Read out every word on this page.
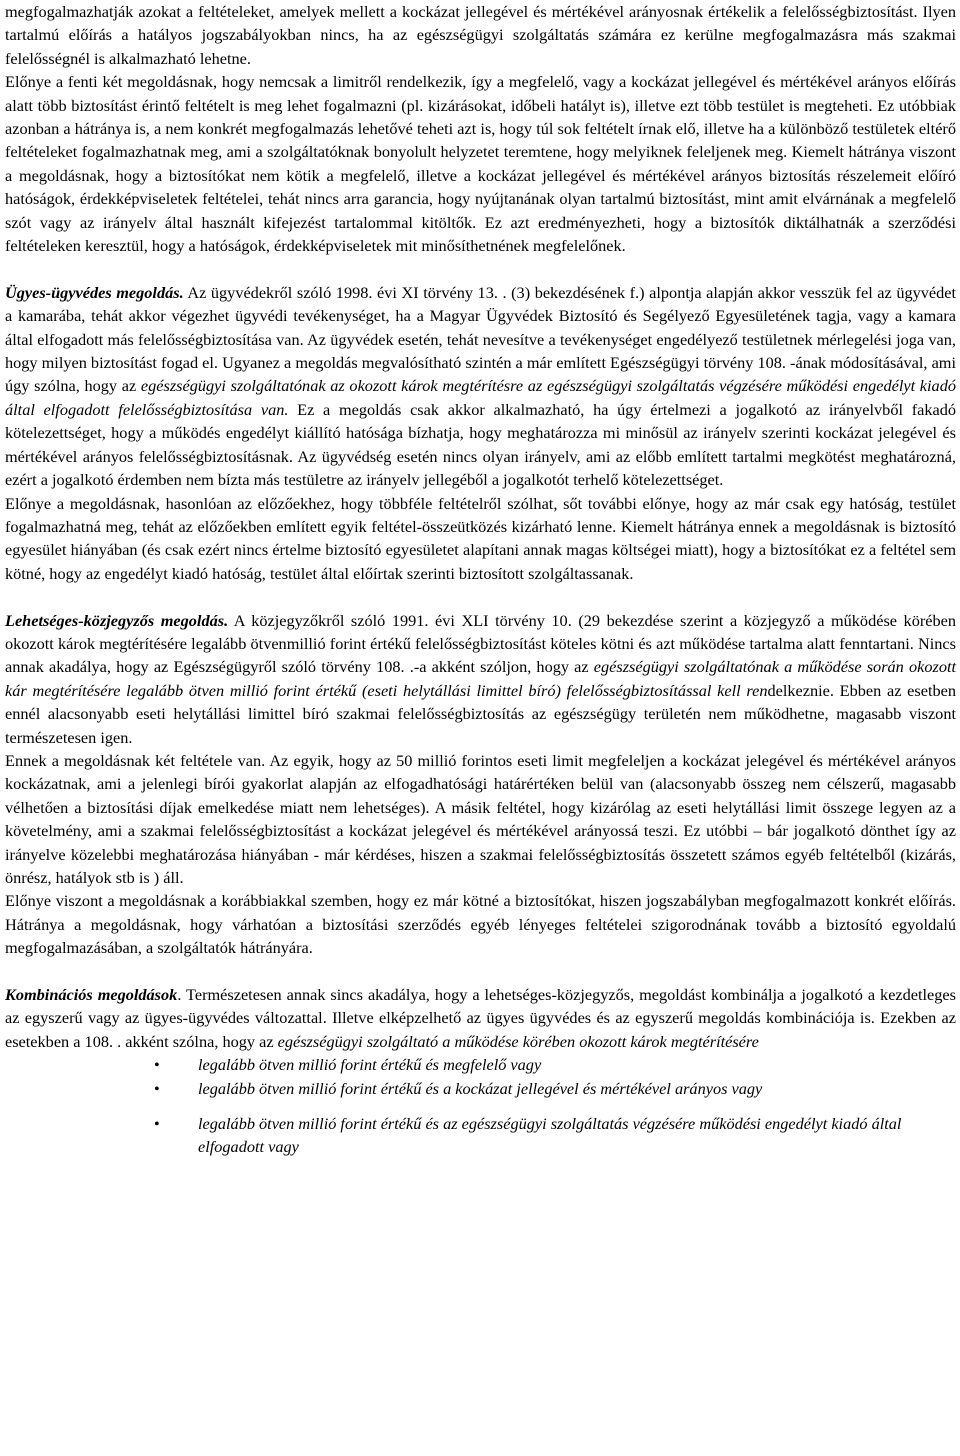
megfogalmazhatják azokat a feltételeket, amelyek mellett a kockázat jellegével és mértékével arányosnak értékelik a felelősségbiztosítást. Ilyen tartalmú előírás a hatályos jogszabályokban nincs, ha az egészségügyi szolgáltatás számára ez kerülne megfogalmazásra más szakmai felelősségnél is alkalmazható lehetne.

Előnye a fenti két megoldásnak, hogy nemcsak a limitről rendelkezik, így a megfelelő, vagy a kockázat jellegével és mértékével arányos előírás alatt több biztosítást érintő feltételt is meg lehet fogalmazni (pl. kizárásokat, időbeli hatályt is), illetve ezt több testület is megteheti. Ez utóbbiak azonban a hátránya is, a nem konkrét megfogalmazás lehetővé teheti azt is, hogy túl sok feltételt írnak elő, illetve ha a különböző testületek eltérő feltételeket fogalmazhatnak meg, ami a szolgáltatóknak bonyolult helyzetet teremtene, hogy melyiknek feleljenek meg. Kiemelt hátránya viszont a megoldásnak, hogy a biztosítókat nem kötik a megfelelő, illetve a kockázat jellegével és mértékével arányos biztosítás részelemeit előíró hatóságok, érdekképviseletek feltételei, tehát nincs arra garancia, hogy nyújtanának olyan tartalmú biztosítást, mint amit elvárnának a megfelelő szót vagy az irányelv által használt kifejezést tartalommal kitöltők. Ez azt eredményezheti, hogy a biztosítók diktálhatnák a szerződési feltételeken keresztül, hogy a hatóságok, érdekképviseletek mit minősíthetnének megfelelőnek.

Ügyes-ügyvédes megoldás. Az ügyvédekről szóló 1998. évi XI törvény 13. . (3) bekezdésének f.) alpontja alapján akkor vesszük fel az ügyvédet a kamarába, tehát akkor végezhet ügyvédi tevékenységet, ha a Magyar Ügyvédek Biztosító és Segélyező Egyesületének tagja, vagy a kamara által elfogadott más felelősségbiztosítása van. Az ügyvédek esetén, tehát nevesítve a tevékenységet engedélyező testületnek mérlegelési joga van, hogy milyen biztosítást fogad el. Ugyanez a megoldás megvalósítható szintén a már említett Egészségügyi törvény 108. -ának módosításával, ami úgy szólna, hogy az egészségügyi szolgáltatónak az okozott károk megtérítésre az egészségügyi szolgáltatás végzésére működési engedélyt kiadó által elfogadott felelősségbiztosítása van. Ez a megoldás csak akkor alkalmazható, ha úgy értelmezi a jogalkotó az irányelvből fakadó kötelezettséget, hogy a működés engedélyt kiállító hatósága bízhatja, hogy meghatározza mi minősül az irányelv szerinti kockázat jelegével és mértékével arányos felelősségbiztosításnak. Az ügyvédség esetén nincs olyan irányelv, ami az előbb említett tartalmi megkötést meghatározná, ezért a jogalkotó érdemben nem bízta más testületre az irányelv jellegéből a jogalkotót terhelő kötelezettséget.

Előnye a megoldásnak, hasonlóan az előzőekhez, hogy többféle feltételről szólhat, sőt további előnye, hogy az már csak egy hatóság, testület fogalmazhatná meg, tehát az előzőekben említett egyik feltétel-összeütközés kizárható lenne. Kiemelt hátránya ennek a megoldásnak is biztosító egyesület hiányában (és csak ezért nincs értelme biztosító egyesületet alapítani annak magas költségei miatt), hogy a biztosítókat ez a feltétel sem kötné, hogy az engedélyt kiadó hatóság, testület által előírtak szerinti biztosított szolgáltassanak.

Lehetséges-közjegyzős megoldás. A közjegyzőkről szóló 1991. évi XLI törvény 10. (29 bekezdése szerint a közjegyző a működése körében okozott károk megtérítésére legalább ötvenmillió forint értékű felelősségbiztosítást köteles kötni és azt működése tartalma alatt fenntartani. Nincs annak akadálya, hogy az Egészségügyről szóló törvény 108. .-a akként szóljon, hogy az egészségügyi szolgáltatónak a működése során okozott kár megtérítésére legalább ötven millió forint értékű (eseti helytállási limittel bíró) felelősségbiztosítással kell rendelkeznie. Ebben az esetben ennél alacsonyabb eseti helytállási limittel bíró szakmai felelősségbiztosítás az egészségügy területén nem működhetne, magasabb viszont természetesen igen.

Ennek a megoldásnak két feltétele van. Az egyik, hogy az 50 millió forintos eseti limit megfeleljen a kockázat jelegével és mértékével arányos kockázatnak, ami a jelenlegi bírói gyakorlat alapján az elfogadhatósági határértéken belül van (alacsonyabb összeg nem célszerű, magasabb vélhetően a biztosítási díjak emelkedése miatt nem lehetséges). A másik feltétel, hogy kizárólag az eseti helytállási limit összege legyen az a követelmény, ami a szakmai felelősségbiztosítást a kockázat jelegével és mértékével arányossá teszi. Ez utóbbi – bár jogalkotó dönthet így az irányelve közelebbi meghatározása hiányában - már kérdéses, hiszen a szakmai felelősségbiztosítás összetett számos egyéb feltételből (kizárás, önrész, hatályok stb is ) áll.

Előnye viszont a megoldásnak a korábbiakkal szemben, hogy ez már kötné a biztosítókat, hiszen jogszabályban megfogalmazott konkrét előírás. Hátránya a megoldásnak, hogy várhatóan a biztosítási szerződés egyéb lényeges feltételei szigorodnának tovább a biztosító egyoldalú megfogalmazásában, a szolgáltatók hátrányára.

Kombinációs megoldások. Természetesen annak sincs akadálya, hogy a lehetséges-közjegyzős, megoldást kombinálja a jogalkotó a kezdetleges az egyszerű vagy az ügyes-ügyvédes változattal. Illetve elképzelhető az ügyes ügyvédes és az egyszerű megoldás kombinációja is. Ezekben az esetekben a 108. . akként szólna, hogy az egészségügyi szolgáltató a működése körében okozott károk megtérítésére

• legalább ötven millió forint értékű és megfelelő vagy
• legalább ötven millió forint értékű és a kockázat jellegével és mértékével arányos vagy
• legalább ötven millió forint értékű és az egészségügyi szolgáltatás végzésére működési engedélyt kiadó által elfogadott vagy
